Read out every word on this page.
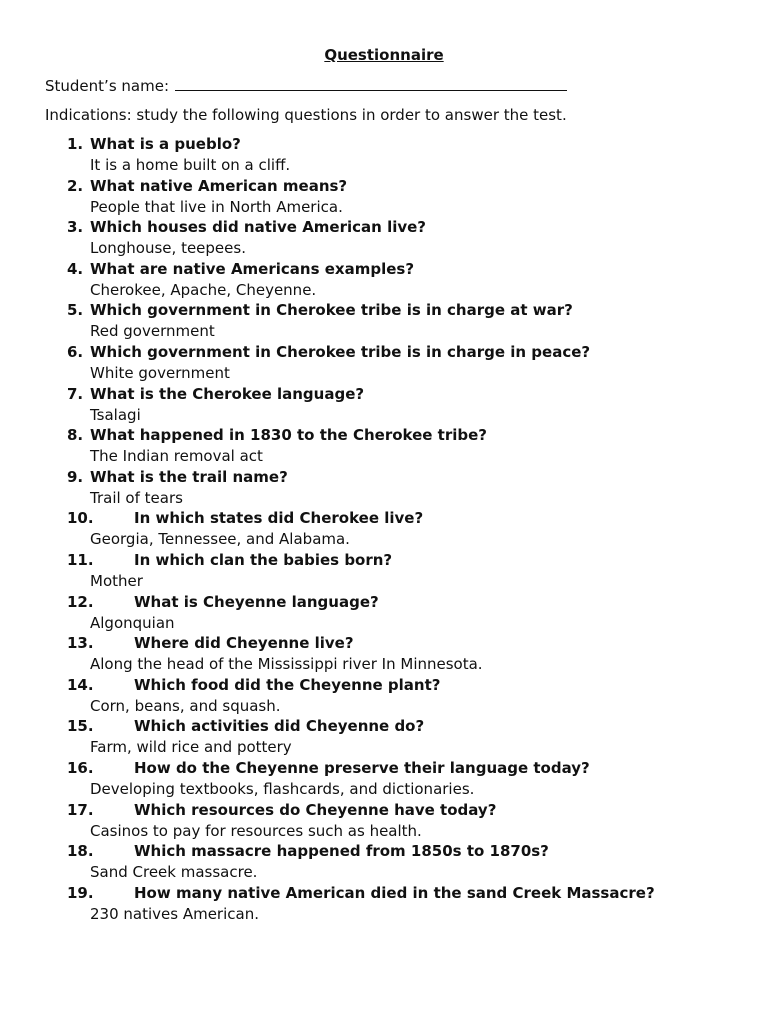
Questionnaire
Student’s name:
Indications: study the following questions in order to answer the test.
1. What is a pueblo?
It is a home built on a cliff.
2. What native American means?
People that live in North America.
3. Which houses did native American live?
Longhouse, teepees.
4. What are native Americans examples?
Cherokee, Apache, Cheyenne.
5. Which government in Cherokee tribe is in charge at war?
Red government
6. Which government in Cherokee tribe is in charge in peace?
White government
7. What is the Cherokee language?
Tsalagi
8. What happened in 1830 to the Cherokee tribe?
The Indian removal act
9. What is the trail name?
Trail of tears
10.	In which states did Cherokee live?
Georgia, Tennessee, and Alabama.
11.	In which clan the babies born?
Mother
12.	What is Cheyenne language?
Algonquian
13.	Where did Cheyenne live?
Along the head of the Mississippi river In Minnesota.
14.	Which food did the Cheyenne plant?
Corn, beans, and squash.
15.	Which activities did Cheyenne do?
Farm, wild rice and pottery
16.	How do the Cheyenne preserve their language today?
Developing textbooks, flashcards, and dictionaries.
17.	Which resources do Cheyenne have today?
Casinos to pay for resources such as health.
18.	Which massacre happened from 1850s to 1870s?
Sand Creek massacre.
19.	How many native American died in the sand Creek Massacre?
230 natives American.
